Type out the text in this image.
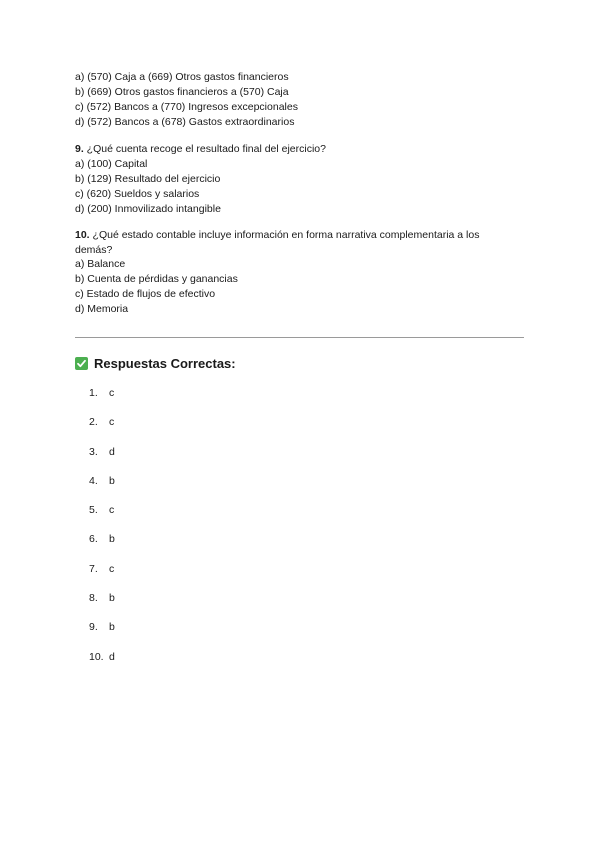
a) (570) Caja a (669) Otros gastos financieros
b) (669) Otros gastos financieros a (570) Caja
c) (572) Bancos a (770) Ingresos excepcionales
d) (572) Bancos a (678) Gastos extraordinarios
9. ¿Qué cuenta recoge el resultado final del ejercicio?
a) (100) Capital
b) (129) Resultado del ejercicio
c) (620) Sueldos y salarios
d) (200) Inmovilizado intangible
10. ¿Qué estado contable incluye información en forma narrativa complementaria a los demás?
a) Balance
b) Cuenta de pérdidas y ganancias
c) Estado de flujos de efectivo
d) Memoria
Respuestas Correctas:
1.	c
2.	c
3.	d
4.	b
5.	c
6.	b
7.	c
8.	b
9.	b
10. d
